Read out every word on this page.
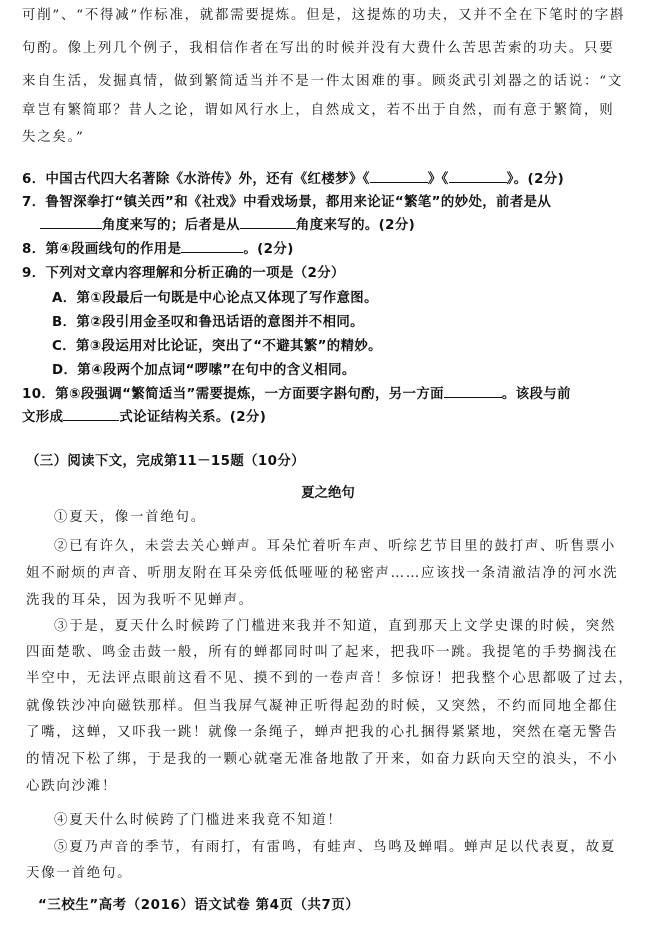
可削”、“不得减”作标准，就都需要提炼。但是，这提炼的功夫，又并不全在下笔时的字斟
句酌。像上列几个例子，我相信作者在写出的时候并没有大费什么苦思苦索的功夫。只要
来自生活，发掘真情，做到繁简适当并不是一件太困难的事。顾炎武引刘器之的话说：“文
章岂有繁简耶？昔人之论，谓如风行水上，自然成文，若不出于自然，而有意于繁简，则
失之矣。”
6．中国古代四大名著除《水浒传》外，还有《红楼梦》《	》《	》。(2分)
7．鲁智深拳打“镇关西”和《社戏》中看戏场景，都用来论证“繁笔”的妙处，前者是从
角度来写的；后者是从	角度来写的。(2分)
8．第④段画线句的作用是	。(2分)
9．下列对文章内容理解和分析正确的一项是（2分）
A．第①段最后一句既是中心论点又体现了写作意图。
B．第②段引用金圣叹和鲁迅话语的意图并不相同。
C．第③段运用对比论证，突出了“不避其繁”的精妙。
D．第④段两个加点词“啰嗦”在句中的含义相同。
10．第⑤段强调“繁简适当”需要提炼，一方面要字斟句酌，另一方面	。该段与前
文形成	式论证结构关系。(2分)
（三）阅读下文，完成第11－15题（10分）
夏之绝句
①夏天，像一首绝句。
②已有许久，未尝去关心蝉声。耳朵忙着听车声、听综艺节目里的鼓打声、听售票小
姐不耐烦的声音、听朋友附在耳朵旁低低哑哑的秘密声……应该找一条清澈洁净的河水洗
洗我的耳朵，因为我听不见蝉声。
③于是，夏天什么时候跨了门槛进来我并不知道，直到那天上文学史课的时候，突然
四面楚歌、鸣金击鼓一般，所有的蝉都同时叫了起来，把我吓一跳。我提笔的手势搁浅在
半空中，无法评点眼前这看不见、摸不到的一卷声音！多惊讶！把我整个心思都吸了过去，
就像铁沙冲向磁铁那样。但当我屏气凝神正听得起劲的时候，又突然，不约而同地全都住
了嘴，这蝉，又吓我一跳！就像一条绳子，蝉声把我的心扎捆得紧紧地，突然在毫无警告
的情况下松了绑，于是我的一颗心就毫无准备地散了开来，如奋力跃向天空的浪头，不小
心跌向沙滩！
④夏天什么时候跨了门槛进来我竟不知道！
⑤夏乃声音的季节，有雨打，有雷鸣，有蛙声、鸟鸣及蝉唱。蝉声足以代表夏，故夏
天像一首绝句。
“三校生”高考（2016）语文试卷 第4页（共7页）
